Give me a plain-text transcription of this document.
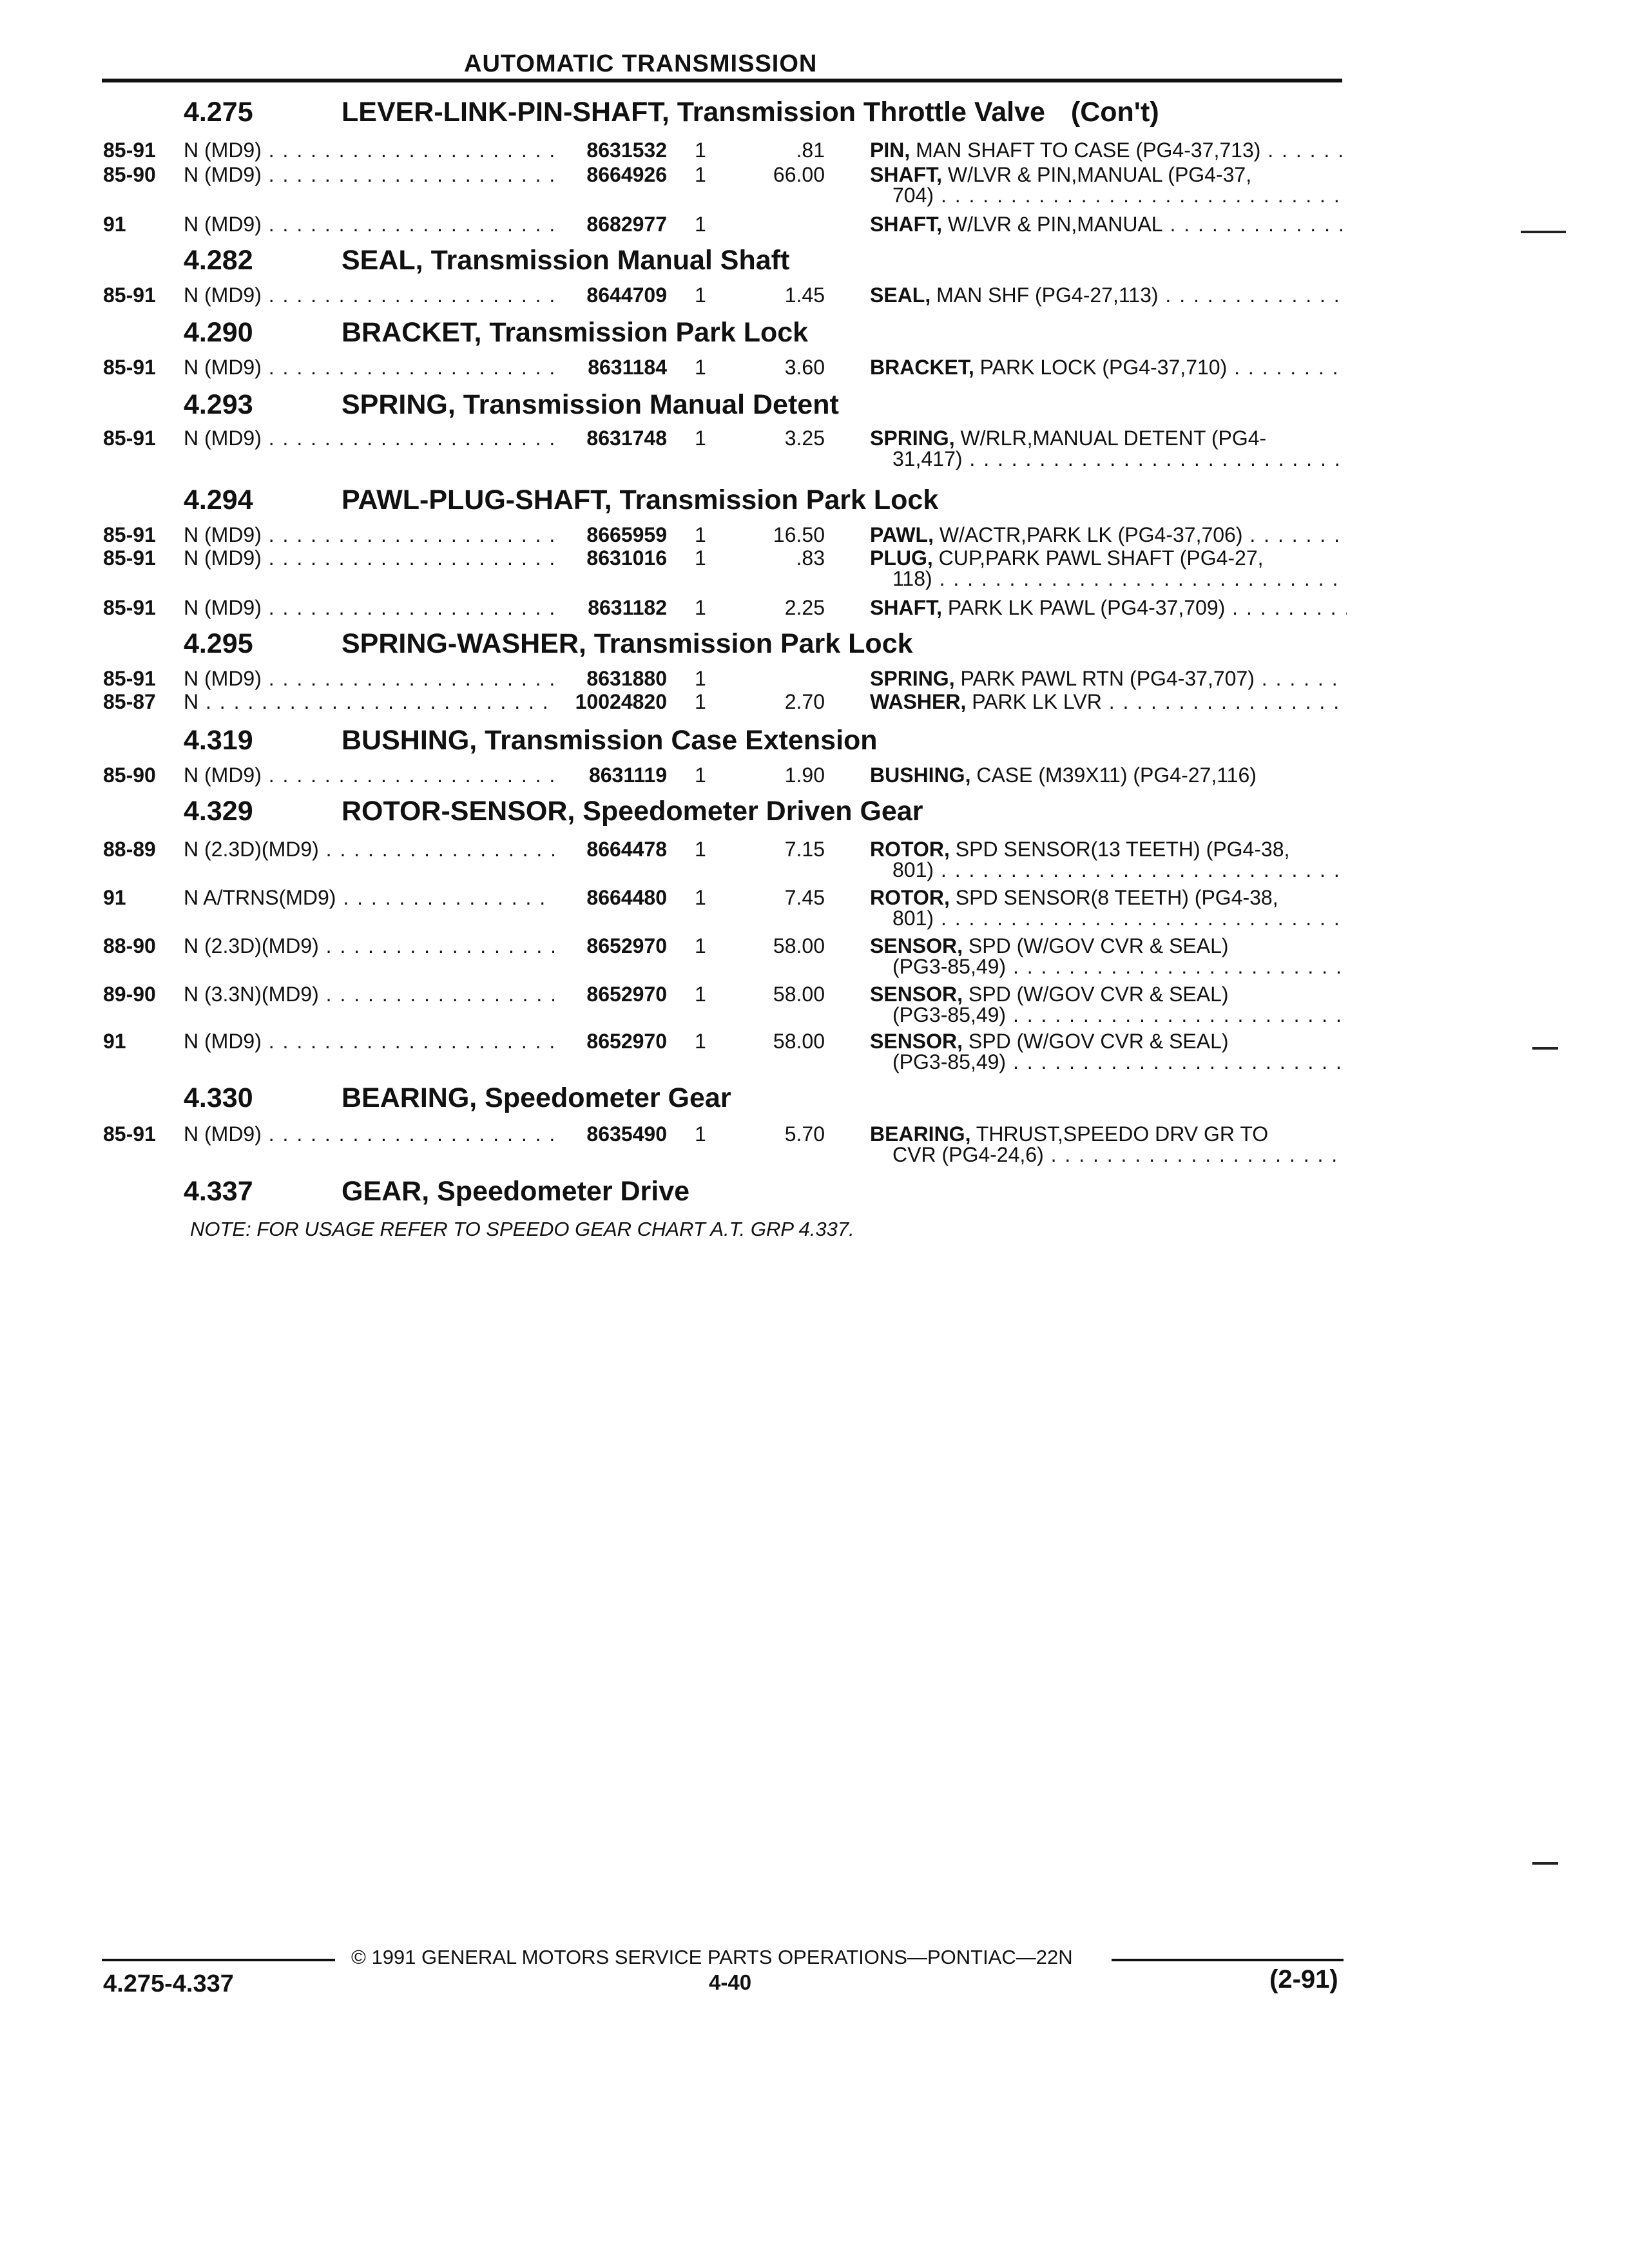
AUTOMATIC TRANSMISSION
4.275	LEVER-LINK-PIN-SHAFT, Transmission Throttle Valve (Con't)
85-91 N (MD9) . . .	8631532 1	.81 PIN, MAN SHAFT TO CASE (PG4-37,713) . . .
85-90 N (MD9) . . .	8664926 1	66.00 SHAFT, W/LVR & PIN,MANUAL (PG4-37,
704) . . .
91	N (MD9) . . .	8682977 1	SHAFT, W/LVR & PIN,MANUAL . . .
4.282	SEAL, Transmission Manual Shaft
85-91 N (MD9) . . .	8644709 1	1.45 SEAL, MAN SHF (PG4-27,113) . . .
4.290	BRACKET, Transmission Park Lock
85-91 N (MD9) . . .	8631184 1	3.60 BRACKET, PARK LOCK (PG4-37,710) . . .
4.293	SPRING, Transmission Manual Detent
85-91 N (MD9) . . .	8631748 1	3.25 SPRING, W/RLR,MANUAL DETENT (PG4-
31,417) . . .
4.294	PAWL-PLUG-SHAFT, Transmission Park Lock
85-91 N (MD9) . . .	8665959 1	16.50 PAWL, W/ACTR,PARK LK (PG4-37,706) . . .
85-91 N (MD9) . . .	8631016 1	.83 PLUG, CUP,PARK PAWL SHAFT (PG4-27,
118) . . .
85-91 N (MD9) . . .	8631182 1	2.25 SHAFT, PARK LK PAWL (PG4-37,709) . . .
4.295	SPRING-WASHER, Transmission Park Lock
85-91 N (MD9) . . .	8631880 1	SPRING, PARK PAWL RTN (PG4-37,707) . . .
85-87 N . . .	10024820 1	2.70 WASHER, PARK LK LVR . . .
4.319	BUSHING, Transmission Case Extension
85-90 N (MD9) . . .	8631119 1	1.90 BUSHING, CASE (M39X11) (PG4-27,116)
4.329	ROTOR-SENSOR, Speedometer Driven Gear
88-89 N (2.3D)(MD9) . . .	8664478 1	7.15 ROTOR, SPD SENSOR(13 TEETH) (PG4-38,
801) . . .
91	N A/TRNS(MD9) . . .	8664480 1	7.45 ROTOR, SPD SENSOR(8 TEETH) (PG4-38,
801) . . .
88-90 N (2.3D)(MD9) . . .	8652970 1	58.00 SENSOR, SPD (W/GOV CVR & SEAL)
(PG3-85,49) . . .
89-90 N (3.3N)(MD9) . . .	8652970 1	58.00 SENSOR, SPD (W/GOV CVR & SEAL)
(PG3-85,49) . . .
91	N (MD9) . . .	8652970 1	58.00 SENSOR, SPD (W/GOV CVR & SEAL)
(PG3-85,49) . . .
4.330	BEARING, Speedometer Gear
85-91 N (MD9) . . .	8635490 1	5.70 BEARING, THRUST,SPEEDO DRV GR TO
CVR (PG4-24,6) . . .
4.337	GEAR, Speedometer Drive
NOTE: FOR USAGE REFER TO SPEEDO GEAR CHART A.T. GRP 4.337.
© 1991 GENERAL MOTORS SERVICE PARTS OPERATIONS—PONTIAC—22N
4.275-4.337	4-40	(2-91)
